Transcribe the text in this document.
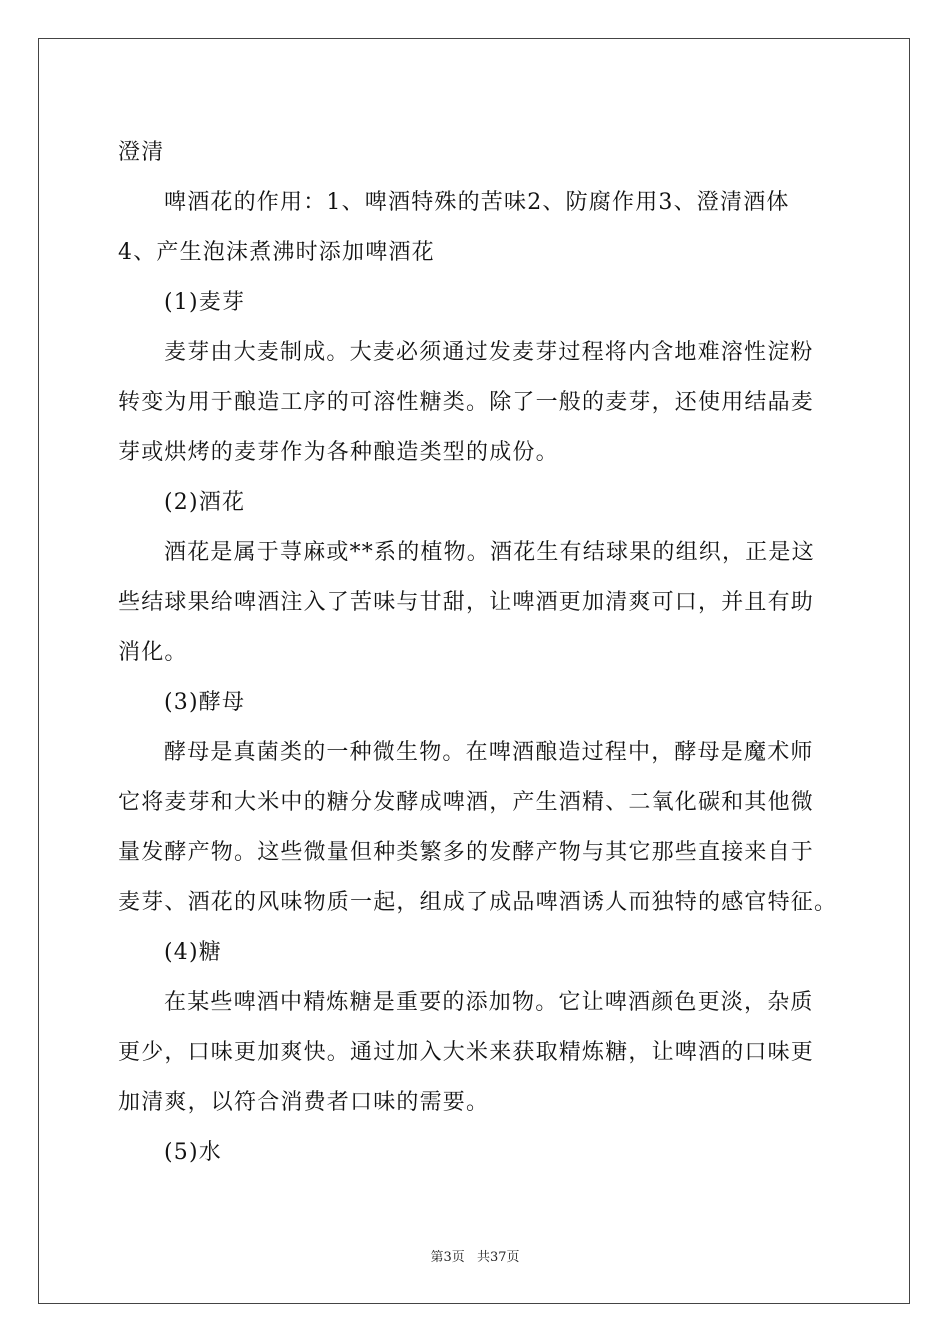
澄清
啤酒花的作用：1、啤酒特殊的苦味2、防腐作用3、澄清酒体
4、产生泡沫煮沸时添加啤酒花
(1)麦芽
麦芽由大麦制成。大麦必须通过发麦芽过程将内含地难溶性淀粉
转变为用于酿造工序的可溶性糖类。除了一般的麦芽，还使用结晶麦
芽或烘烤的麦芽作为各种酿造类型的成份。
(2)酒花
酒花是属于荨麻或**系的植物。酒花生有结球果的组织，正是这
些结球果给啤酒注入了苦味与甘甜，让啤酒更加清爽可口，并且有助
消化。
(3)酵母
酵母是真菌类的一种微生物。在啤酒酿造过程中，酵母是魔术师
它将麦芽和大米中的糖分发酵成啤酒，产生酒精、二氧化碳和其他微
量发酵产物。这些微量但种类繁多的发酵产物与其它那些直接来自于
麦芽、酒花的风味物质一起，组成了成品啤酒诱人而独特的感官特征。
(4)糖
在某些啤酒中精炼糖是重要的添加物。它让啤酒颜色更淡，杂质
更少，口味更加爽快。通过加入大米来获取精炼糖，让啤酒的口味更
加清爽，以符合消费者口味的需要。
(5)水
第3页 共37页
